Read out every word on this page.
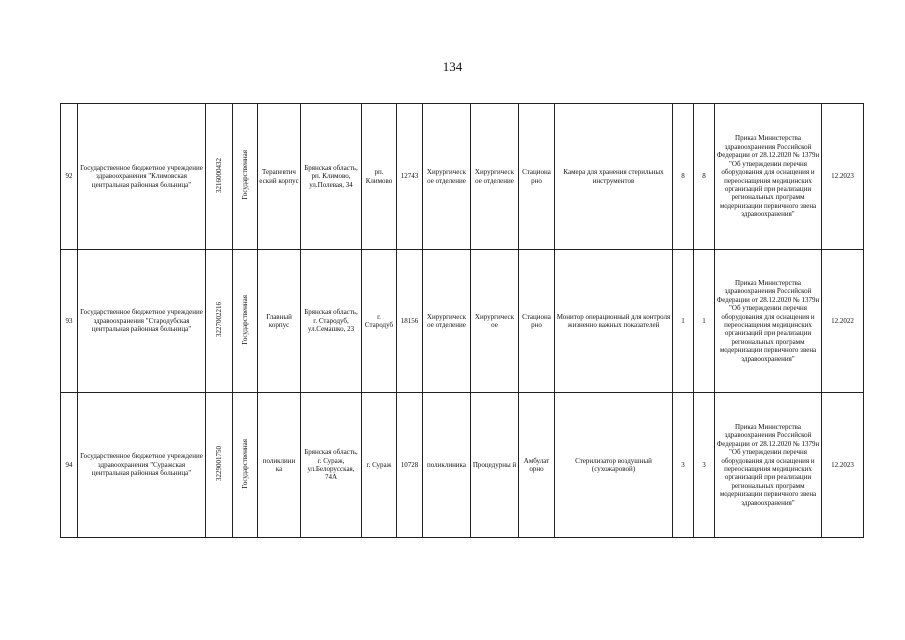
134
92	Государственное бюджетное учреждение здравоохранения "Климовская центральная районная больница"	3216000432	Государственная	Терапевтич еский корпус	Брянская область, рп. Климово, ул.Полевая, 34	рп. Климово	12743	Хирургическ ое отделение	Хирургическ ое отделение	Стациона рно	Камера для хранения стерильных инструментов	8	8	Приказ Министерства здравоохранения Российской Федерации от 28.12.2020 № 1379н "Об утверждении перечня оборудования для оснащения и переоснащения медицинских организаций при реализации региональных программ модернизации первичного звена здравоохранения"	12.2023
93	Государственное бюджетное учреждение здравоохранения "Стародубская центральная районная больница"	3227002216	Государственная	Главный корпус	Брянская область, г. Стародуб, ул.Семашко, 23	г. Стародуб	18156	Хирургическ ое отделение	Хирургическ ое	Стациона рно	Монитор операционный для контроля жизненно важных показателей	1	1	Приказ Министерства здравоохранения Российской Федерации от 28.12.2020 № 1379н "Об утверждении перечня оборудования для оснащения и переоснащения медицинских организаций при реализации региональных программ модернизации первичного звена здравоохранения"	12.2022
94	Государственное бюджетное учреждение здравоохранения "Суражская центральная районная больница"	3229001750	Государственная	поликлини ка	Брянская область, г. Сураж, ул.Белорусская, 74А	г. Сураж	10728	поликлиника	Процедурны й	Амбулат орно	Стерилизатор воздушный (сухожаровой)	3	3	Приказ Министерства здравоохранения Российской Федерации от 28.12.2020 № 1379н "Об утверждении перечня оборудования для оснащения и переоснащения медицинских организаций при реализации региональных программ модернизации первичного звена здравоохранения"	12.2023
